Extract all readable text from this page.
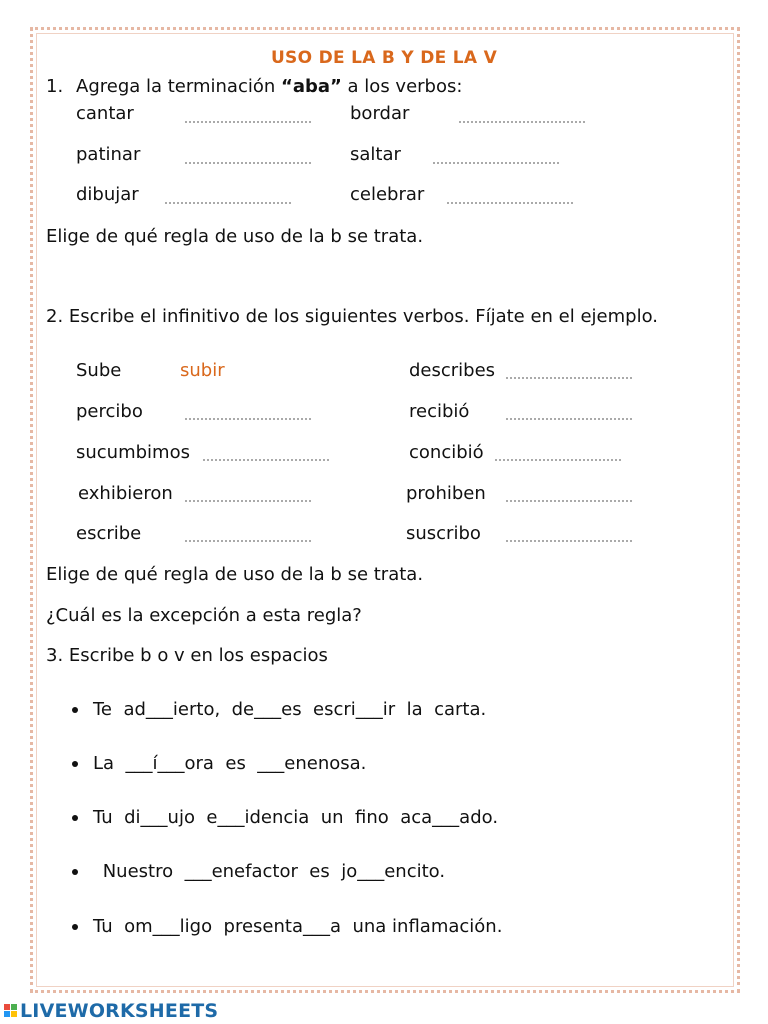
USO DE LA B Y DE LA V
1. Agrega la terminación “aba” a los verbos:
cantar	bordar
patinar	saltar
dibujar	celebrar
Elige de qué regla de uso de la b se trata.
2. Escribe el infinitivo de los siguientes verbos. Fíjate en el ejemplo.
Sube	subir	describes
percibo	recibió
sucumbimos	concibió
exhibieron	prohiben
escribe	suscribo
Elige de qué regla de uso de la b se trata.
¿Cuál es la excepción a esta regla?
3. Escribe b o v en los espacios
Te  ad___ierto,  de___es  escri___ir  la  carta.
La  ___í___ora  es  ___enenosa.
Tu  di___ujo  e___idencia  un  fino  aca___ado.
Nuestro  ___enefactor  es  jo___encito.
Tu  om___ligo  presenta___a  una inflamación.
LIVEWORKSHEETS
